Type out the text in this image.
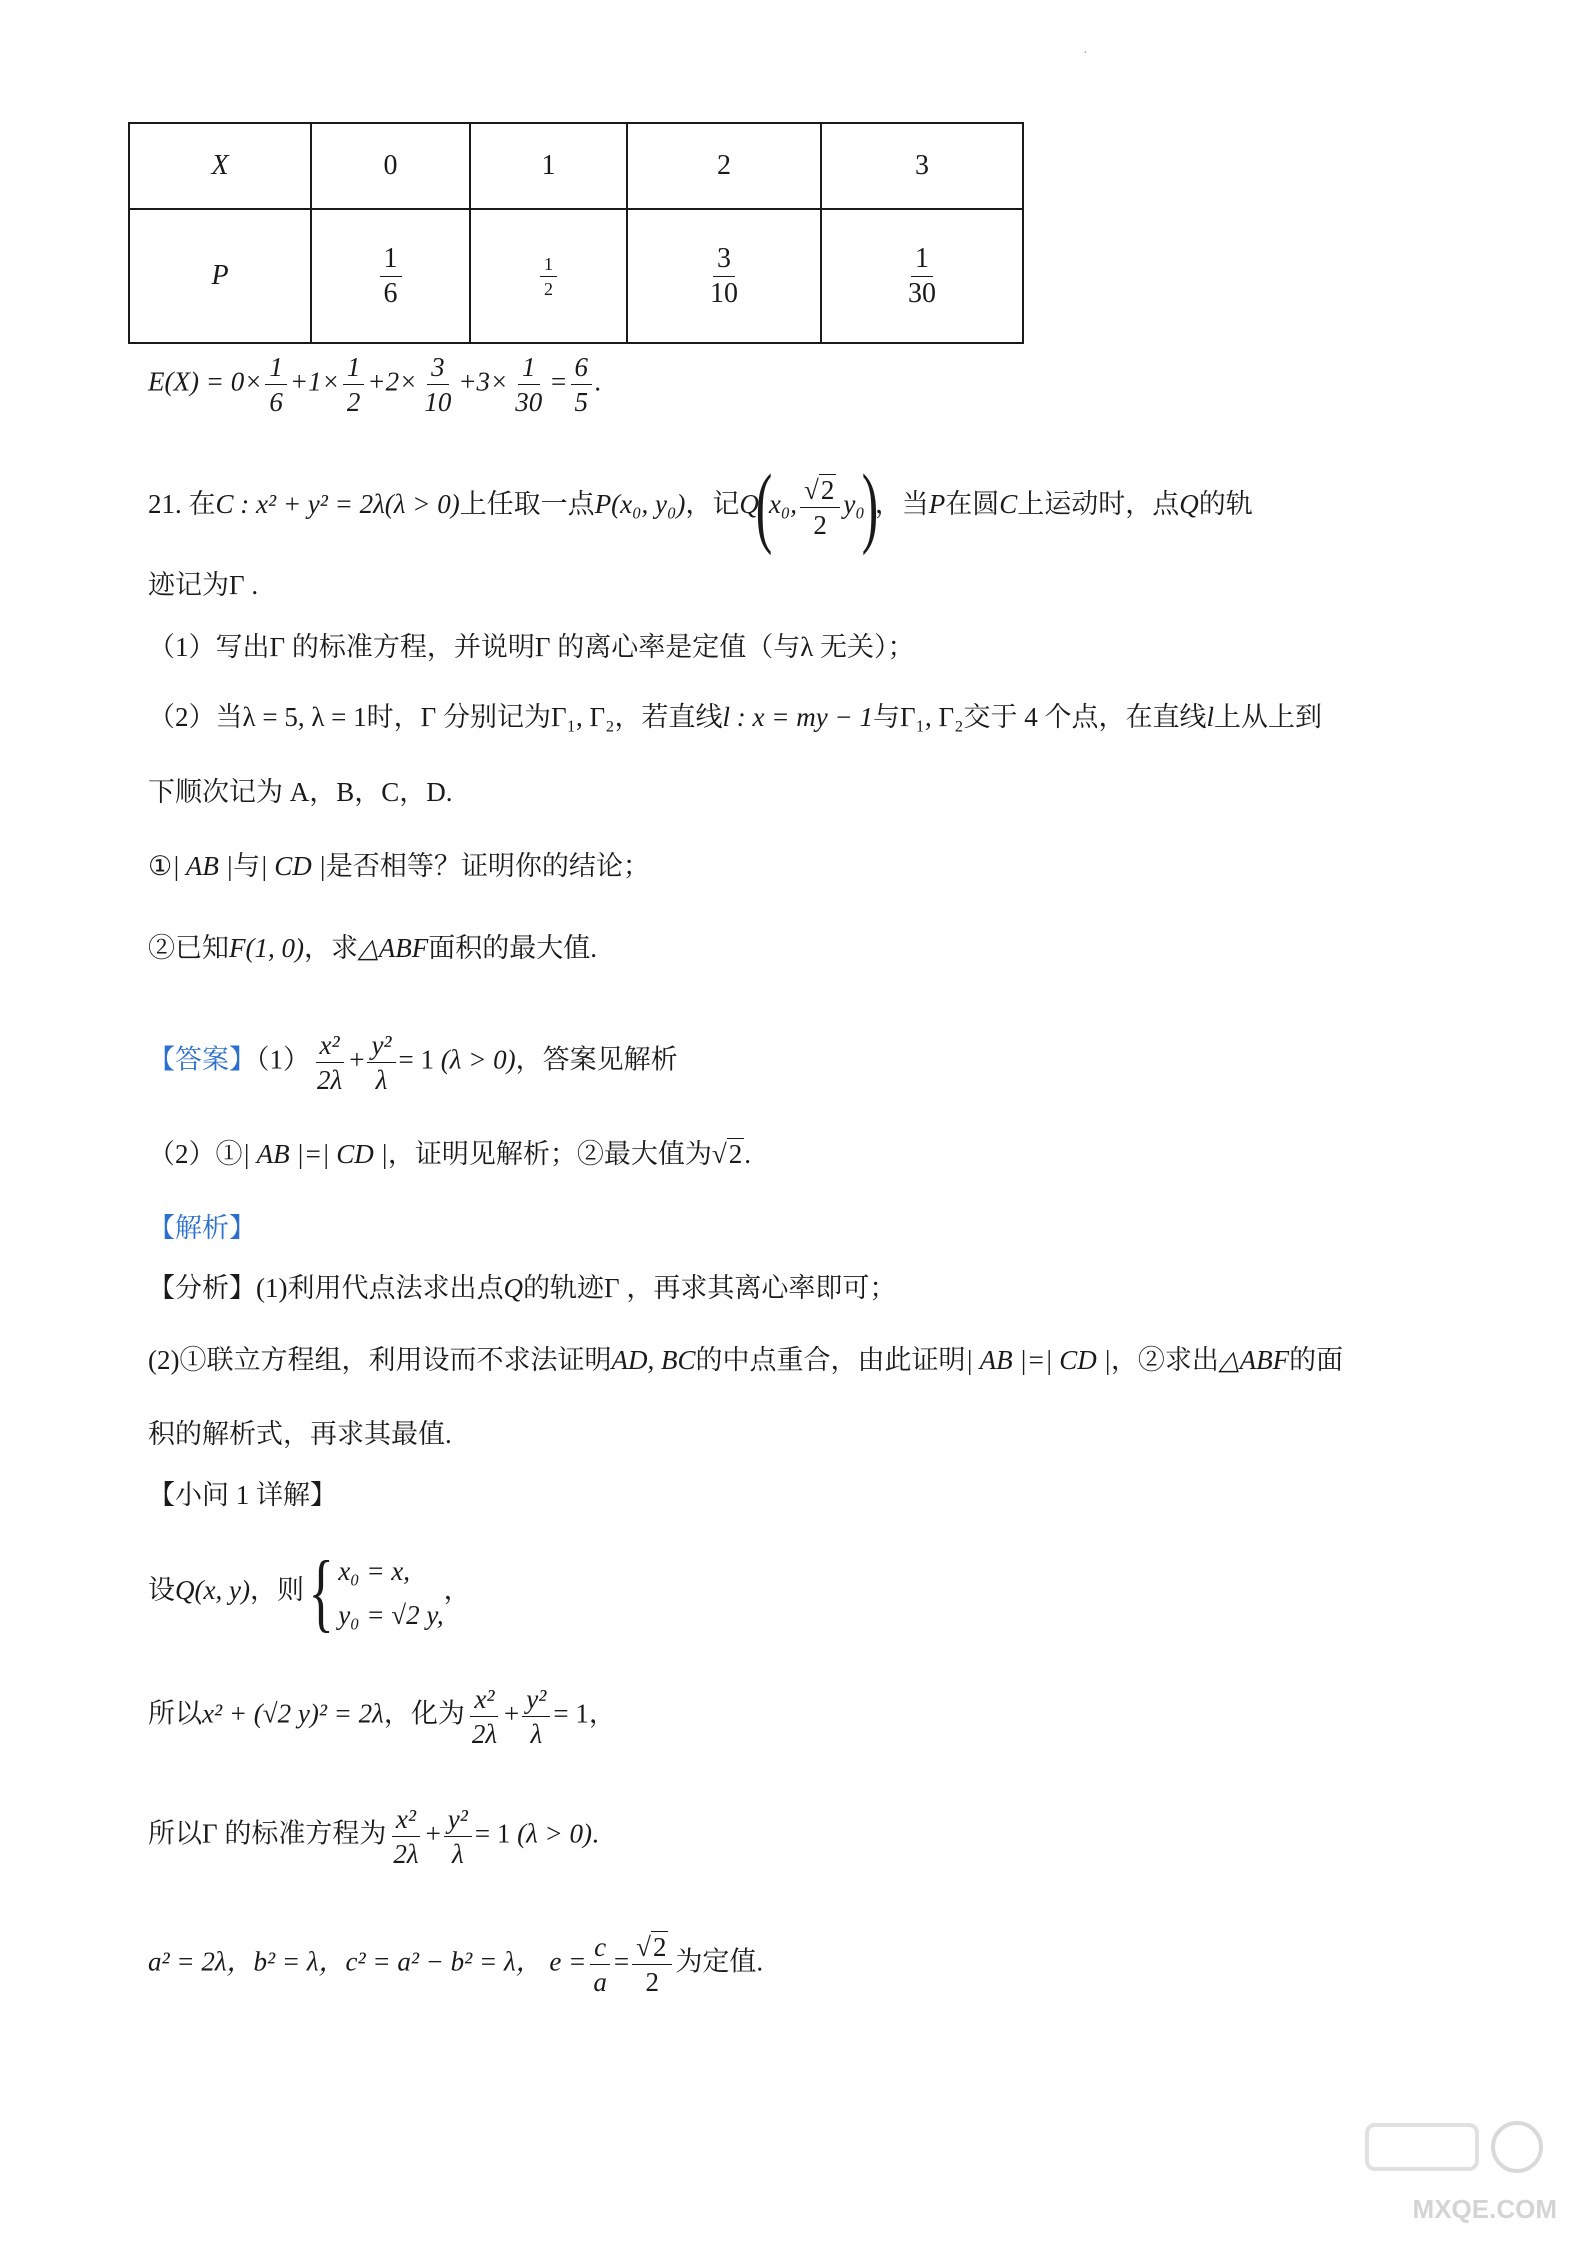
·
X	0	1	2	3
P	$\frac{1}{6}$	$\frac{1}{2}$	$\frac{3}{10}$	$\frac{1}{30}$
$E(X) = 0\times \frac{1}{6} +1\times \frac{1}{2} +2\times \frac{3}{10} +3\times \frac{1}{30} = \frac{6}{5}$ .
21. 在C : x² + y² = 2λ(λ > 0)上任取一点P(x₀, y₀)，记Q(x₀, $\frac{√2}{2} y_0$)，当P在圆C上运动时，点Q的轨
迹记为Γ .
（1）写出Γ 的标准方程，并说明Γ 的离心率是定值（与λ 无关）；
（2）当λ = 5, λ = 1时，Γ 分别记为Γ₁, Γ₂，若直线l : x = my − 1与Γ₁, Γ₂交于 4 个点，在直线l上从上到
下顺次记为 A，B，C，D.
①| AB |与| CD |是否相等？证明你的结论；
②已知F(1, 0)，求△ABF面积的最大值.
【答案】$(1) \frac{\text{x²}}{2\lambda} + \frac{\text{y²}}{\lambda} = 1$ (λ > 0)，答案见解析
（2）①| AB |=| CD |，证明见解析；②最大值为√2.
【解析】
【分析】(1)利用代点法求出点Q的轨迹Γ ，再求其离心率即可；
(2)①联立方程组，利用设而不求法证明AD, BC的中点重合，由此证明| AB |=| CD |，②求出△ABF的面
积的解析式，再求其最值.
【小问 1 详解】
设Q(x, y)，则{ x₀ = x,
y₀ = √2 y,
，
所以x² + (√2 y)² = 2λ，化为 $\frac{\text{x²}}{2\lambda} + \frac{\text{y²}}{\lambda} = 1$，
所以Γ 的标准方程为 $\frac{\text{x²}}{2\lambda} + \frac{\text{y²}}{\lambda} = 1$ (λ > 0).
a² = 2λ，b² = λ，c² = a² − b² = λ， $e = \frac{c}{a} = \frac{√2}{2}$ 为定值.
MXQE.COM
